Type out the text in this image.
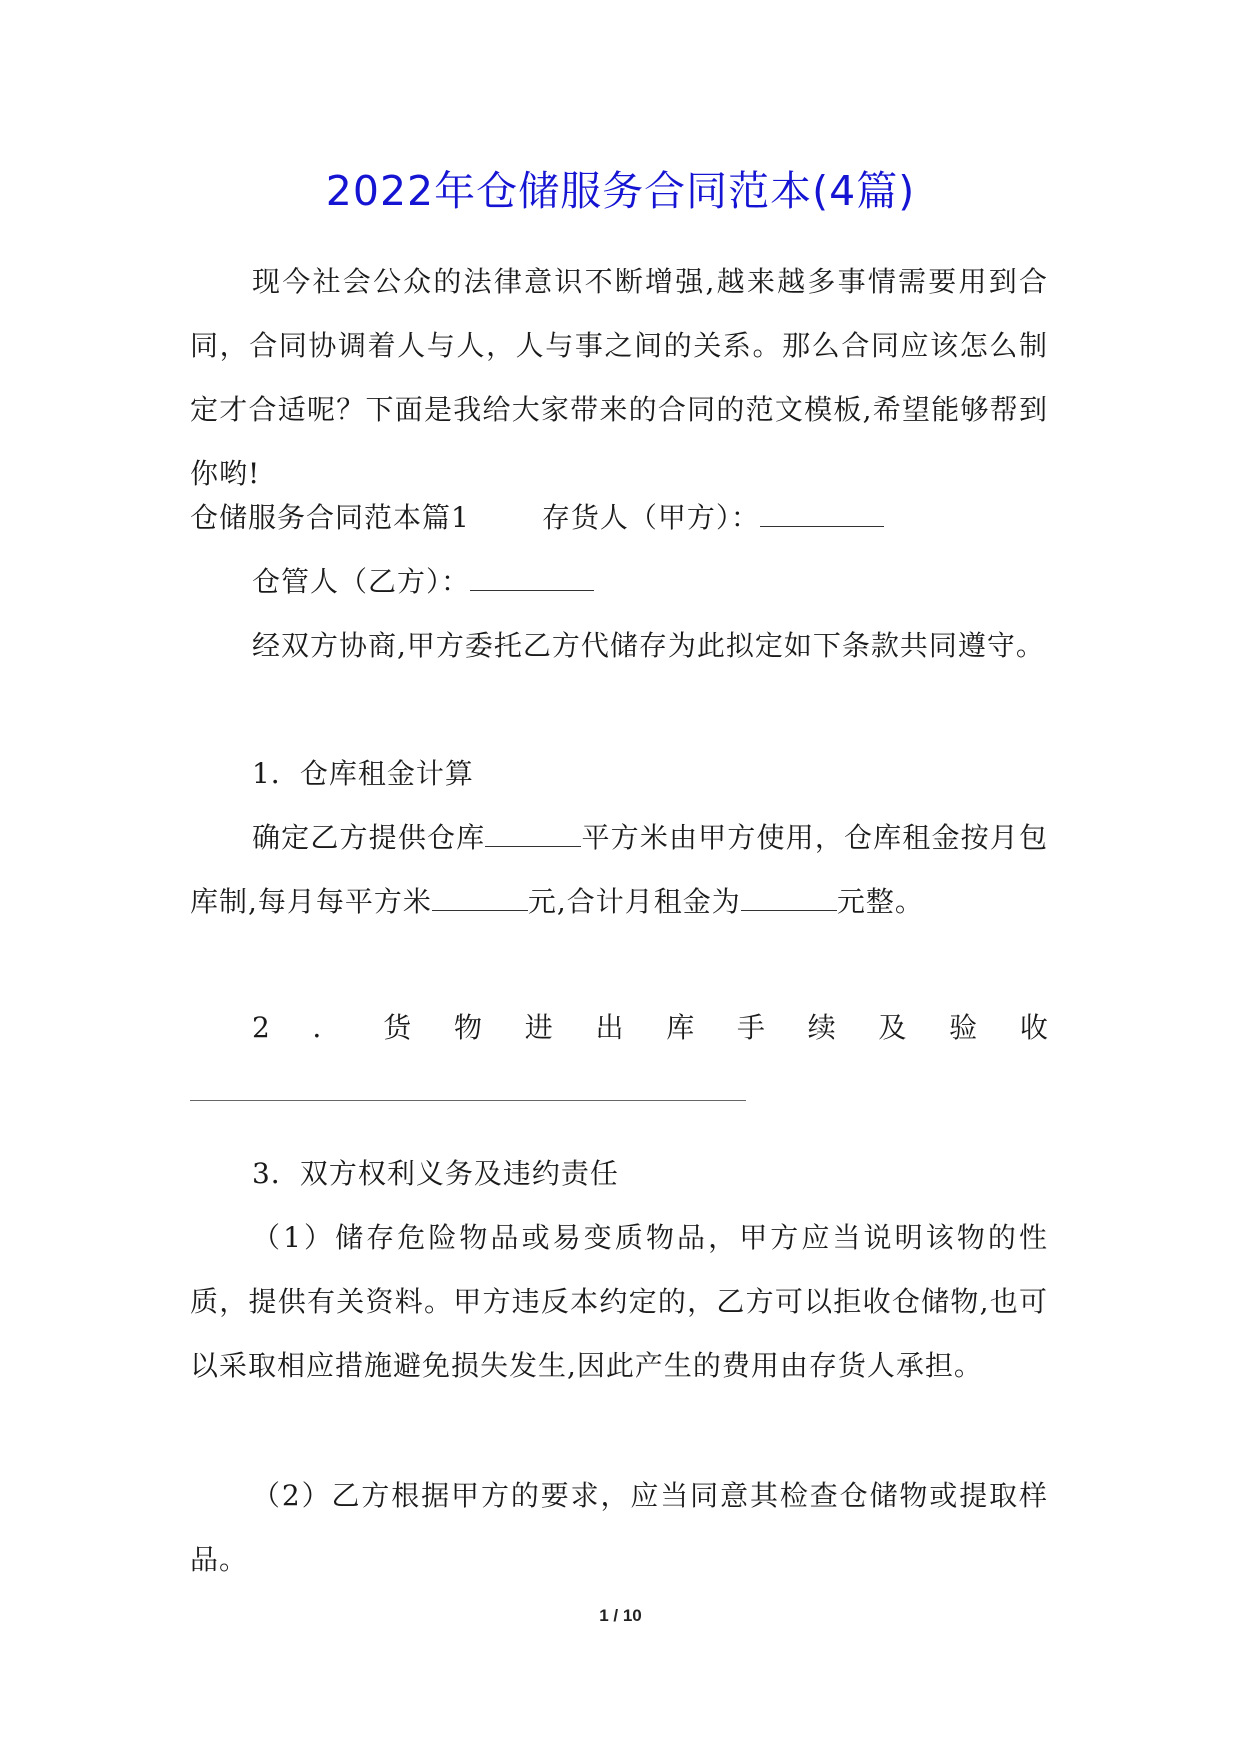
2022年仓储服务合同范本(4篇)

现今社会公众的法律意识不断增强,越来越多事情需要用到合同，合同协调着人与人，人与事之间的关系。那么合同应该怎么制定才合适呢？下面是我给大家带来的合同的范文模板,希望能够帮到你哟!

仓储服务合同范本篇1	存货人（甲方）：
仓管人（乙方）：

经双方协商,甲方委托乙方代储存为此拟定如下条款共同遵守。

1．仓库租金计算

确定乙方提供仓库	平方米由甲方使用，仓库租金按月包库制,每月每平方米	元,合计月租金为	元整。

2 ． 货 物 进 出 库 手 续 及 验 收
3．双方权利义务及违约责任

（1）储存危险物品或易变质物品，甲方应当说明该物的性质，提供有关资料。甲方违反本约定的，乙方可以拒收仓储物,也可以采取相应措施避免损失发生,因此产生的费用由存货人承担。

（2）乙方根据甲方的要求，应当同意其检查仓储物或提取样品。

1 / 10
